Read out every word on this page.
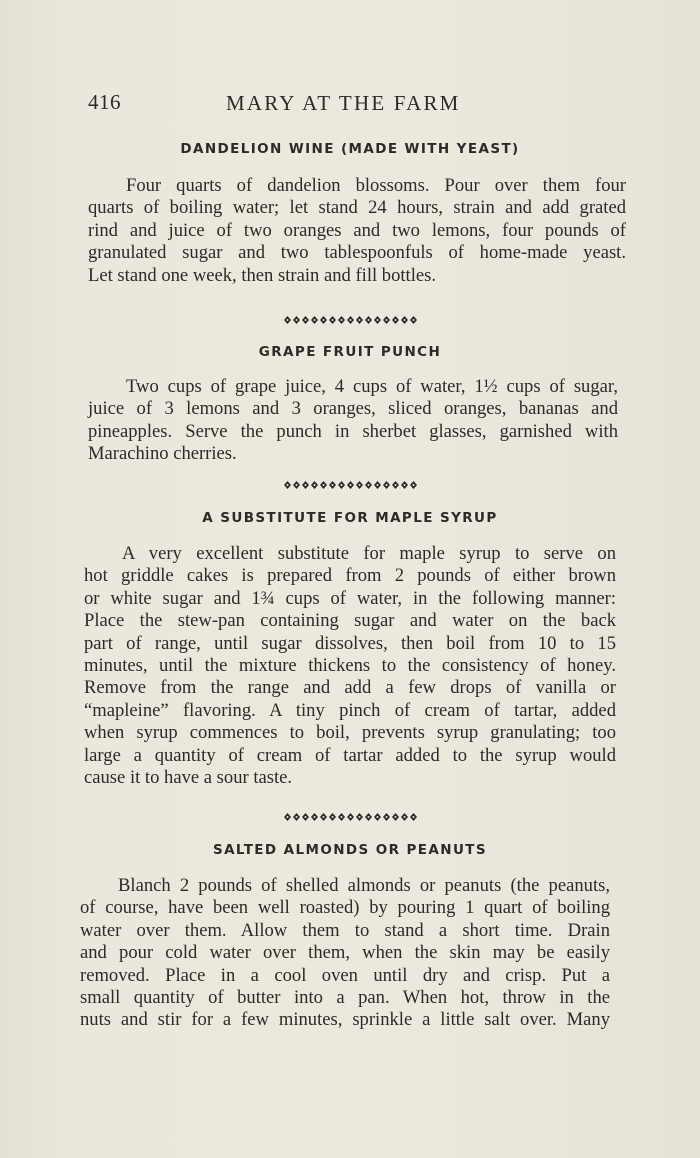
416	MARY AT THE FARM
DANDELION WINE (MADE WITH YEAST)
Four quarts of dandelion blossoms. Pour over them four
quarts of boiling water; let stand 24 hours, strain and add grated
rind and juice of two oranges and two lemons, four pounds of
granulated sugar and two tablespoonfuls of home-made yeast.
Let stand one week, then strain and fill bottles.
GRAPE FRUIT PUNCH
Two cups of grape juice, 4 cups of water, 1½ cups of sugar,
juice of 3 lemons and 3 oranges, sliced oranges, bananas and
pineapples. Serve the punch in sherbet glasses, garnished with
Marachino cherries.
A SUBSTITUTE FOR MAPLE SYRUP
A very excellent substitute for maple syrup to serve on
hot griddle cakes is prepared from 2 pounds of either brown
or white sugar and 1¾ cups of water, in the following manner:
Place the stew-pan containing sugar and water on the back
part of range, until sugar dissolves, then boil from 10 to 15
minutes, until the mixture thickens to the consistency of honey.
Remove from the range and add a few drops of vanilla or
“mapleine” flavoring. A tiny pinch of cream of tartar, added
when syrup commences to boil, prevents syrup granulating; too
large a quantity of cream of tartar added to the syrup would
cause it to have a sour taste.
SALTED ALMONDS OR PEANUTS
Blanch 2 pounds of shelled almonds or peanuts (the peanuts,
of course, have been well roasted) by pouring 1 quart of boiling
water over them. Allow them to stand a short time. Drain
and pour cold water over them, when the skin may be easily
removed. Place in a cool oven until dry and crisp. Put a
small quantity of butter into a pan. When hot, throw in the
nuts and stir for a few minutes, sprinkle a little salt over. Many
